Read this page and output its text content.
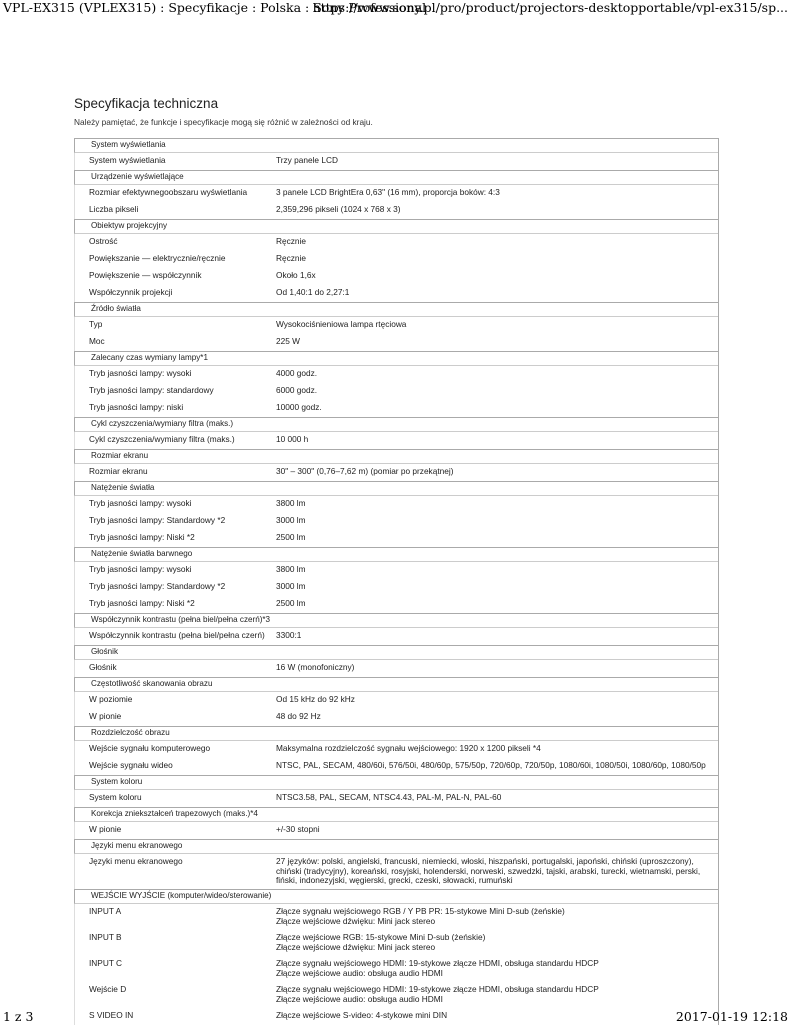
VPL-EX315 (VPLEX315) : Specyfikacje : Polska : Sony Professional
https://www.sony.pl/pro/product/projectors-desktopportable/vpl-ex315/sp...
Specyfikacja techniczna

Należy pamiętać, że funkcje i specyfikacje mogą się różnić w zależności od kraju.

System wyświetlania
System wyświetlania	Trzy panele LCD
Urządzenie wyświetlające
Rozmiar efektywnegoobszaru wyświetlania	3 panele LCD BrightEra 0,63" (16 mm), proporcja boków: 4:3
Liczba pikseli	2,359,296 pikseli (1024 x 768 x 3)
Obiektyw projekcyjny
Ostrość	Ręcznie
Powiększanie — elektrycznie/ręcznie	Ręcznie
Powiększenie — współczynnik	Około 1,6x
Współczynnik projekcji	Od 1,40:1 do 2,27:1
Źródło światła
Typ	Wysokociśnieniowa lampa rtęciowa
Moc	225 W
Zalecany czas wymiany lampy*1
Tryb jasności lampy: wysoki	4000 godz.
Tryb jasności lampy: standardowy	6000 godz.
Tryb jasności lampy: niski	10000 godz.
Cykl czyszczenia/wymiany filtra (maks.)
Cykl czyszczenia/wymiany filtra (maks.)	10 000 h
Rozmiar ekranu
Rozmiar ekranu	30" – 300" (0,76–7,62 m) (pomiar po przekątnej)
Natężenie światła
Tryb jasności lampy: wysoki	3800 lm
Tryb jasności lampy: Standardowy *2	3000 lm
Tryb jasności lampy: Niski *2	2500 lm
Natężenie światła barwnego
Tryb jasności lampy: wysoki	3800 lm
Tryb jasności lampy: Standardowy *2	3000 lm
Tryb jasności lampy: Niski *2	2500 lm
Współczynnik kontrastu (pełna biel/pełna czerń)*3
Współczynnik kontrastu (pełna biel/pełna czerń)	3300:1
Głośnik
Głośnik	16 W (monofoniczny)
Częstotliwość skanowania obrazu
W poziomie	Od 15 kHz do 92 kHz
W pionie	48 do 92 Hz
Rozdzielczość obrazu
Wejście sygnału komputerowego	Maksymalna rozdzielczość sygnału wejściowego: 1920 x 1200 pikseli *4
Wejście sygnału wideo	NTSC, PAL, SECAM, 480/60i, 576/50i, 480/60p, 575/50p, 720/60p, 720/50p, 1080/60i, 1080/50i, 1080/60p, 1080/50p
System koloru
System koloru	NTSC3.58, PAL, SECAM, NTSC4.43, PAL-M, PAL-N, PAL-60
Korekcja zniekształceń trapezowych (maks.)*4
W pionie	+/-30 stopni
Języki menu ekranowego
Języki menu ekranowego	27 języków: polski, angielski, francuski, niemiecki, włoski, hiszpański, portugalski, japoński, chiński (uproszczony), chiński (tradycyjny), koreański, rosyjski, holenderski, norweski, szwedzki, tajski, arabski, turecki, wietnamski, perski, fiński, indonezyjski, węgierski, grecki, czeski, słowacki, rumuński
WEJŚCIE WYJŚCIE (komputer/wideo/sterowanie)
INPUT A	Złącze sygnału wejściowego RGB / Y PB PR: 15-stykowe Mini D-sub (żeńskie)
Złącze wejściowe dźwięku: Mini jack stereo
INPUT B	Złącze wejściowe RGB: 15-stykowe Mini D-sub (żeńskie)
Złącze wejściowe dźwięku: Mini jack stereo
INPUT C	Złącze sygnału wejściowego HDMI: 19-stykowe złącze HDMI, obsługa standardu HDCP
Złącze wejściowe audio: obsługa audio HDMI
Wejście D	Złącze sygnału wejściowego HDMI: 19-stykowe złącze HDMI, obsługa standardu HDCP
Złącze wejściowe audio: obsługa audio HDMI
S VIDEO IN	Złącze wejściowe S-video: 4-stykowe mini DIN
1 z 3	2017-01-19 12:18
